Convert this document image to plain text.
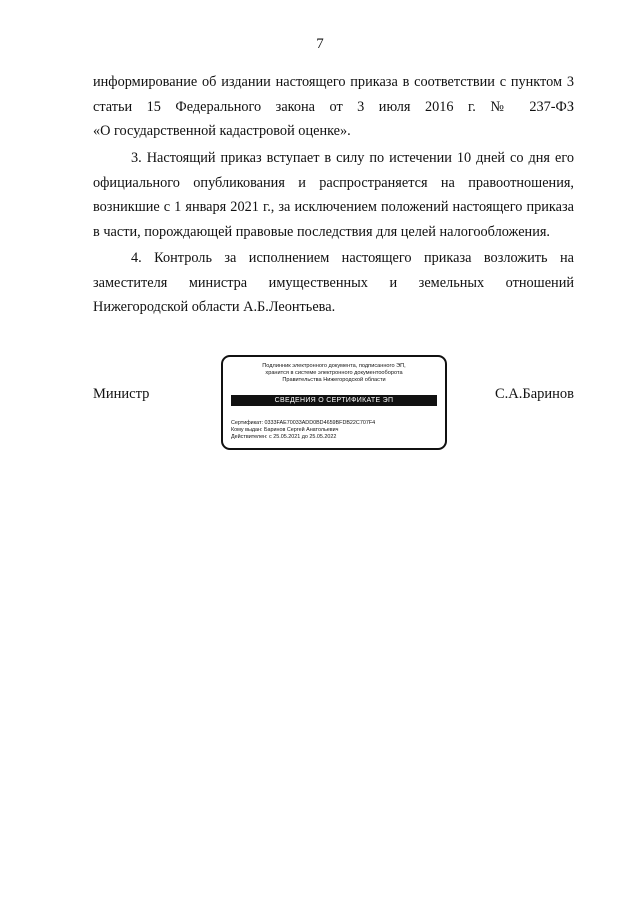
7

информирование об издании настоящего приказа в соответствии с пунктом 3
статьи 15 Федерального закона от 3 июля 2016 г. № 237-ФЗ
«О государственной кадастровой оценке».

3. Настоящий приказ вступает в силу по истечении 10 дней со дня его
официального опубликования и распространяется на правоотношения,
возникшие с 1 января 2021 г., за исключением положений настоящего приказа
в части, порождающей правовые последствия для целей налогообложения.

4. Контроль за исполнением настоящего приказа возложить на
заместителя министра имущественных и земельных отношений
Нижегородской области А.Б.Леонтьева.

Министр
Подлинник электронного документа, подписанного ЭП,
хранится в системе электронного документооборота
Правительства Нижегородской области
СВЕДЕНИЯ О СЕРТИФИКАТЕ ЭП
Сертификат: 0333FAE70033ADD0BD4659BFDB22C707F4
Кому выдан: Баринов Сергей Анатольевич
Действителен: с 25.05.2021 до 25.05.2022
С.А.Баринов
